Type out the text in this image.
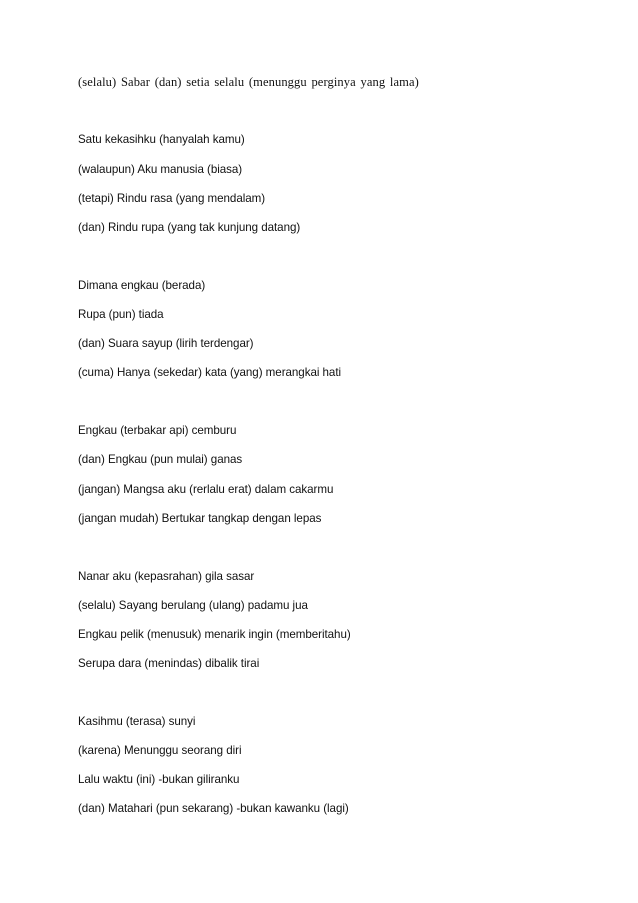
(selalu) Sabar (dan) setia selalu (menunggu perginya yang lama)
Satu kekasihku (hanyalah kamu)
(walaupun) Aku manusia (biasa)
(tetapi) Rindu rasa (yang mendalam)
(dan) Rindu rupa (yang tak kunjung datang)
Dimana engkau (berada)
Rupa (pun) tiada
(dan) Suara sayup (lirih terdengar)
(cuma) Hanya (sekedar) kata (yang) merangkai hati
Engkau (terbakar api) cemburu
(dan) Engkau (pun mulai) ganas
(jangan) Mangsa aku (rerlalu erat) dalam cakarmu
(jangan mudah) Bertukar tangkap dengan lepas
Nanar aku (kepasrahan) gila sasar
(selalu) Sayang berulang (ulang) padamu jua
Engkau pelik (menusuk) menarik ingin (memberitahu)
Serupa dara (menindas) dibalik tirai
Kasihmu (terasa) sunyi
(karena) Menunggu seorang diri
Lalu waktu (ini) -bukan giliranku
(dan) Matahari (pun sekarang) -bukan kawanku (lagi)
